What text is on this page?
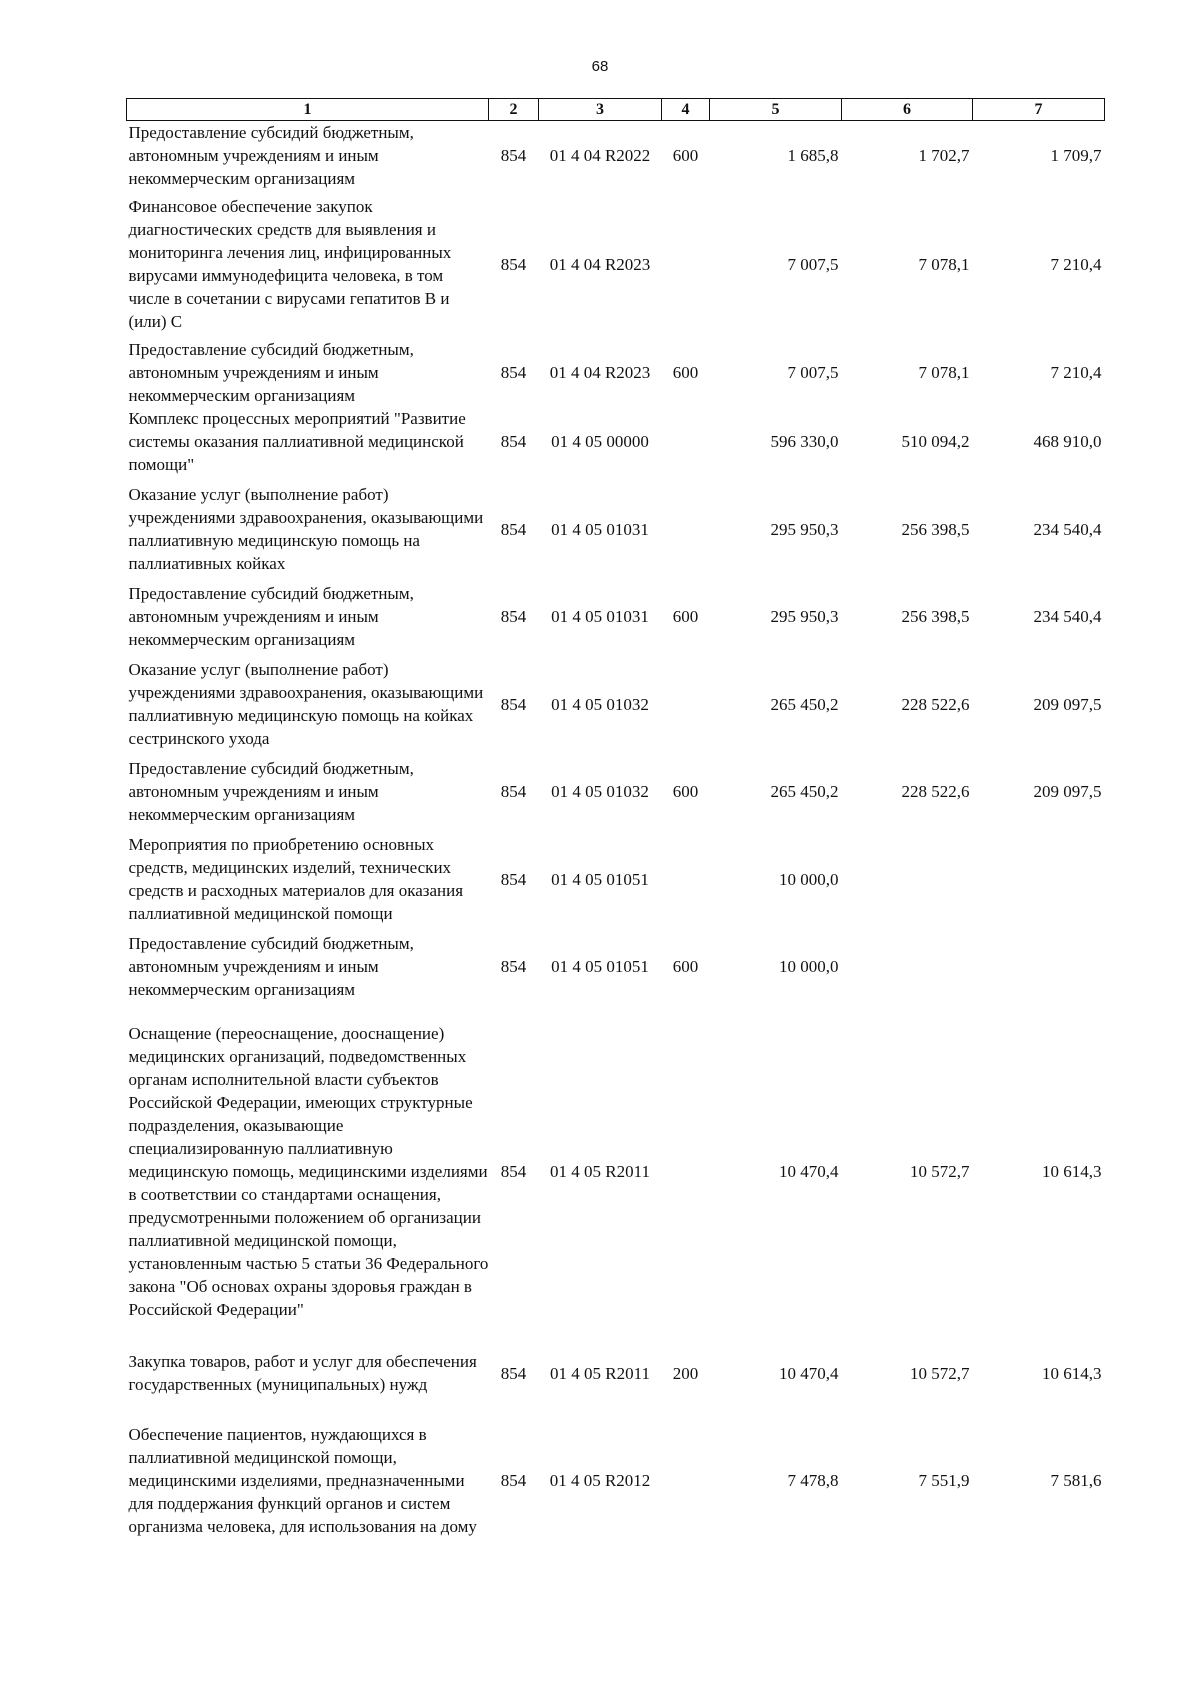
68
1	2	3	4	5	6	7
Предоставление субсидий бюджетным, автономным учреждениям и иным некоммерческим организациям	854	01 4 04 R2022	600	1 685,8	1 702,7	1 709,7
Финансовое обеспечение закупок диагностических средств для выявления и мониторинга лечения лиц, инфицированных вирусами иммунодефицита человека, в том числе в сочетании с вирусами гепатитов B и (или) C	854	01 4 04 R2023		7 007,5	7 078,1	7 210,4
Предоставление субсидий бюджетным, автономным учреждениям и иным некоммерческим организациям	854	01 4 04 R2023	600	7 007,5	7 078,1	7 210,4
Комплекс процессных мероприятий "Развитие системы оказания паллиативной медицинской помощи"	854	01 4 05 00000		596 330,0	510 094,2	468 910,0
Оказание услуг (выполнение работ) учреждениями здравоохранения, оказывающими паллиативную медицинскую помощь на паллиативных койках	854	01 4 05 01031		295 950,3	256 398,5	234 540,4
Предоставление субсидий бюджетным, автономным учреждениям и иным некоммерческим организациям	854	01 4 05 01031	600	295 950,3	256 398,5	234 540,4
Оказание услуг (выполнение работ) учреждениями здравоохранения, оказывающими паллиативную медицинскую помощь на койках сестринского ухода	854	01 4 05 01032		265 450,2	228 522,6	209 097,5
Предоставление субсидий бюджетным, автономным учреждениям и иным некоммерческим организациям	854	01 4 05 01032	600	265 450,2	228 522,6	209 097,5
Мероприятия по приобретению основных средств, медицинских изделий, технических средств и расходных материалов для оказания паллиативной медицинской помощи	854	01 4 05 01051		10 000,0		
Предоставление субсидий бюджетным, автономным учреждениям и иным некоммерческим организациям	854	01 4 05 01051	600	10 000,0		
Оснащение (переоснащение, дооснащение) медицинских организаций, подведомственных органам исполнительной власти субъектов Российской Федерации, имеющих структурные подразделения, оказывающие специализированную паллиативную медицинскую помощь, медицинскими изделиями в соответствии со стандартами оснащения, предусмотренными положением об организации паллиативной медицинской помощи, установленным частью 5 статьи 36 Федерального закона "Об основах охраны здоровья граждан в Российской Федерации"	854	01 4 05 R2011		10 470,4	10 572,7	10 614,3
Закупка товаров, работ и услуг для обеспечения государственных (муниципальных) нужд	854	01 4 05 R2011	200	10 470,4	10 572,7	10 614,3
Обеспечение пациентов, нуждающихся в паллиативной медицинской помощи, медицинскими изделиями, предназначенными для поддержания функций органов и систем организма человека, для использования на дому	854	01 4 05 R2012		7 478,8	7 551,9	7 581,6
